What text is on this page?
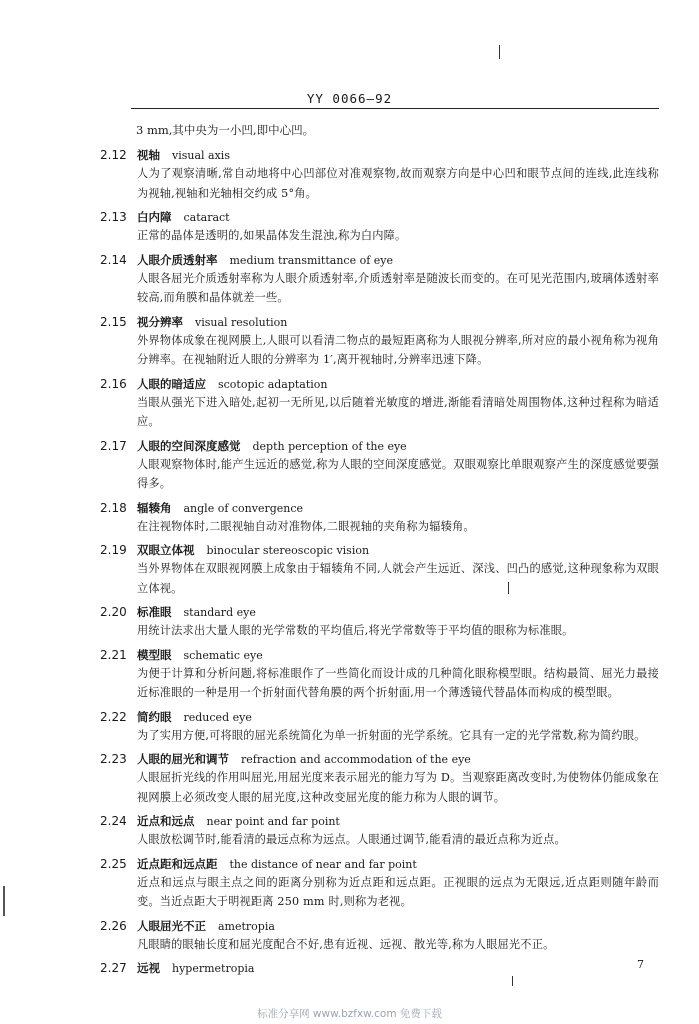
YY 0066—92
3 mm,其中央为一小凹,即中心凹。
2.12 视轴 visual axis
人为了观察清晰,常自动地将中心凹部位对准观察物,故而观察方向是中心凹和眼节点间的连线,此连线称为视轴,视轴和光轴相交约成 5°角。
2.13 白内障 cataract
正常的晶体是透明的,如果晶体发生混浊,称为白内障。
2.14 人眼介质透射率 medium transmittance of eye
人眼各屈光介质透射率称为人眼介质透射率,介质透射率是随波长而变的。在可见光范围内,玻璃体透射率较高,而角膜和晶体就差一些。
2.15 视分辨率 visual resolution
外界物体成象在视网膜上,人眼可以看清二物点的最短距离称为人眼视分辨率,所对应的最小视角称为视角分辨率。在视轴附近人眼的分辨率为 1′,离开视轴时,分辨率迅速下降。
2.16 人眼的暗适应 scotopic adaptation
当眼从强光下进入暗处,起初一无所见,以后随着光敏度的增进,渐能看清暗处周围物体,这种过程称为暗适应。
2.17 人眼的空间深度感觉 depth perception of the eye
人眼观察物体时,能产生远近的感觉,称为人眼的空间深度感觉。双眼观察比单眼观察产生的深度感觉要强得多。
2.18 辐辏角 angle of convergence
在注视物体时,二眼视轴自动对准物体,二眼视轴的夹角称为辐辏角。
2.19 双眼立体视 binocular stereoscopic vision
当外界物体在双眼视网膜上成象由于辐辏角不同,人就会产生远近、深浅、凹凸的感觉,这种现象称为双眼立体视。
2.20 标准眼 standard eye
用统计法求出大量人眼的光学常数的平均值后,将光学常数等于平均值的眼称为标准眼。
2.21 模型眼 schematic eye
为便于计算和分析问题,将标准眼作了一些简化而设计成的几种简化眼称模型眼。结构最简、屈光力最接近标准眼的一种是用一个折射面代替角膜的两个折射面,用一个薄透镜代替晶体而构成的模型眼。
2.22 简约眼 reduced eye
为了实用方便,可将眼的屈光系统简化为单一折射面的光学系统。它具有一定的光学常数,称为简约眼。
2.23 人眼的屈光和调节 refraction and accommodation of the eye
人眼屈折光线的作用叫屈光,用屈光度来表示屈光的能力写为 D。当观察距离改变时,为使物体仍能成象在视网膜上必须改变人眼的屈光度,这种改变屈光度的能力称为人眼的调节。
2.24 近点和远点 near point and far point
人眼放松调节时,能看清的最远点称为远点。人眼通过调节,能看清的最近点称为近点。
2.25 近点距和远点距 the distance of near and far point
近点和远点与眼主点之间的距离分别称为近点距和远点距。正视眼的远点为无限远,近点距则随年龄而变。当近点距大于明视距离 250 mm 时,则称为老视。
2.26 人眼屈光不正 ametropia
凡眼睛的眼轴长度和屈光度配合不好,患有近视、远视、散光等,称为人眼屈光不正。
2.27 远视 hypermetropia	7
标准分享网 www.bzfxw.com 免费下载
